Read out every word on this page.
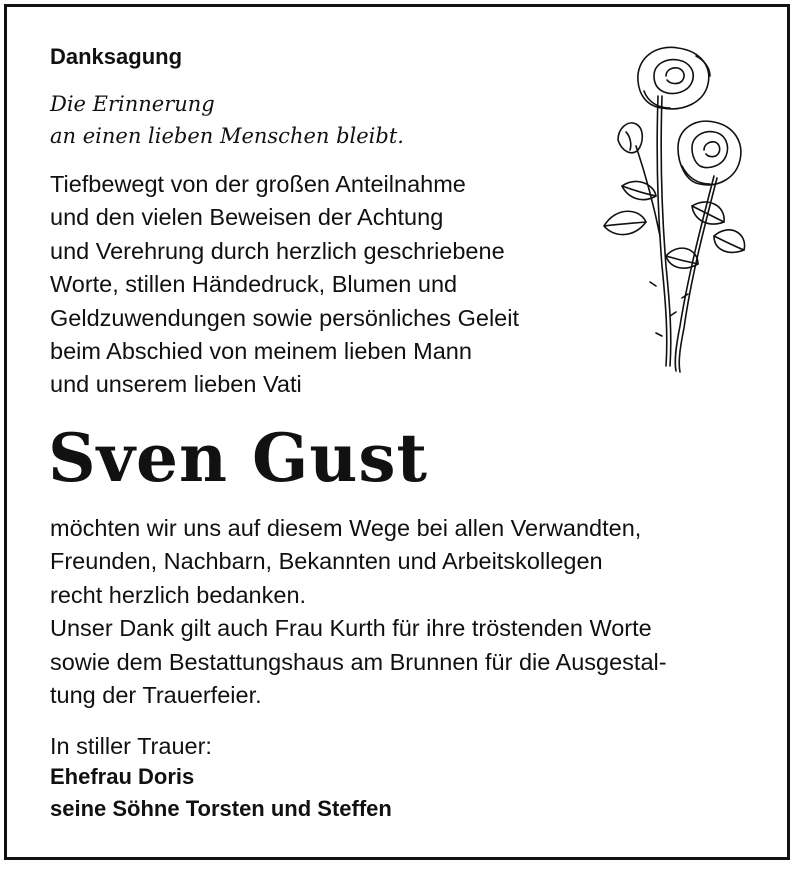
Danksagung
Die Erinnerung
an einen lieben Menschen bleibt.
Tiefbewegt von der großen Anteilnahme
und den vielen Beweisen der Achtung
und Verehrung durch herzlich geschriebene
Worte, stillen Händedruck, Blumen und
Geldzuwendungen sowie persönliches Geleit
beim Abschied von meinem lieben Mann
und unserem lieben Vati
Sven Gust
möchten wir uns auf diesem Wege bei allen Verwandten,
Freunden, Nachbarn, Bekannten und Arbeitskollegen
recht herzlich bedanken.
Unser Dank gilt auch Frau Kurth für ihre tröstenden Worte
sowie dem Bestattungshaus am Brunnen für die Ausgestal-
tung der Trauerfeier.
In stiller Trauer:
Ehefrau Doris
seine Söhne Torsten und Steffen
